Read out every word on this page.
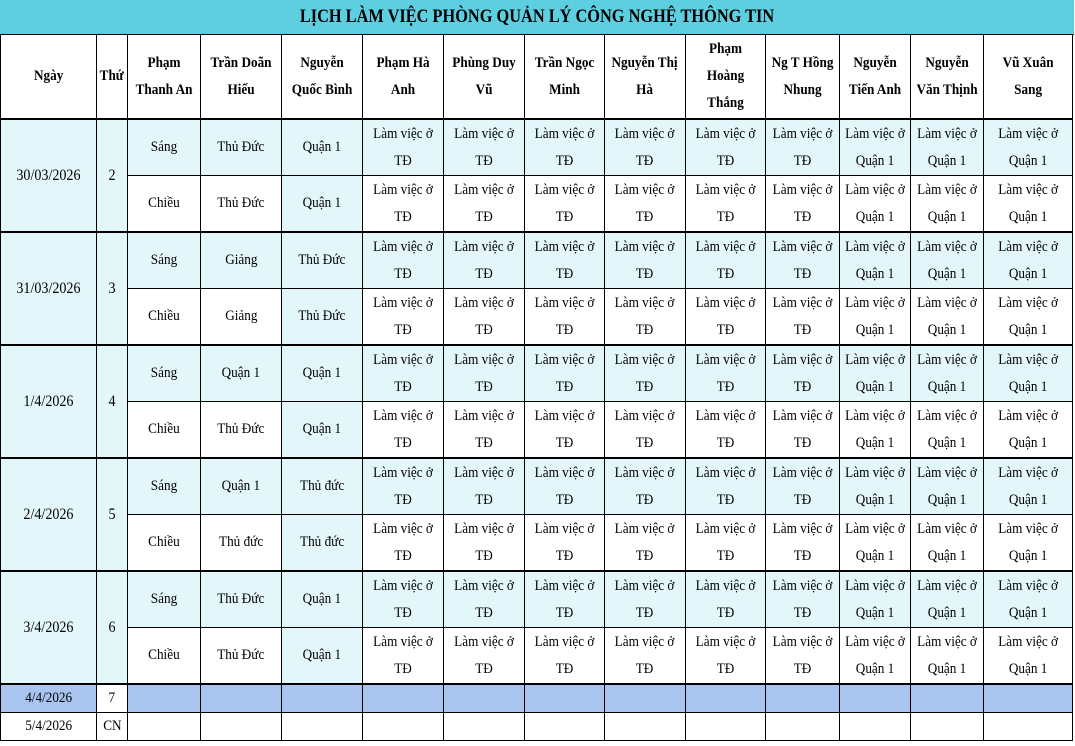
LỊCH LÀM VIỆC PHÒNG QUẢN LÝ CÔNG NGHỆ THÔNG TIN
Ngày	Thứ	Phạm Thanh An	Trần Doãn Hiếu	Nguyễn Quốc Bình	Phạm Hà Anh	Phùng Duy Vũ	Trần Ngọc Minh	Nguyễn Thị Hà	Phạm Hoàng Thắng	Ng T Hồng Nhung	Nguyễn Tiến Anh	Nguyễn Văn Thịnh	Vũ Xuân Sang
30/03/2026	2	Sáng	Thủ Đức	Quận 1	Làm việc ở TĐ	Làm việc ở TĐ	Làm việc ở TĐ	Làm việc ở TĐ	Làm việc ở TĐ	Làm việc ở TĐ	Làm việc ở Quận 1	Làm việc ở Quận 1	Làm việc ở Quận 1
		Chiều	Thủ Đức	Quận 1	Làm việc ở TĐ	Làm việc ở TĐ	Làm việc ở TĐ	Làm việc ở TĐ	Làm việc ở TĐ	Làm việc ở TĐ	Làm việc ở Quận 1	Làm việc ở Quận 1	Làm việc ở Quận 1
31/03/2026	3	Sáng	Giảng	Thủ Đức	Làm việc ở TĐ	Làm việc ở TĐ	Làm việc ở TĐ	Làm việc ở TĐ	Làm việc ở TĐ	Làm việc ở TĐ	Làm việc ở Quận 1	Làm việc ở Quận 1	Làm việc ở Quận 1
		Chiều	Giảng	Thủ Đức	Làm việc ở TĐ	Làm việc ở TĐ	Làm việc ở TĐ	Làm việc ở TĐ	Làm việc ở TĐ	Làm việc ở TĐ	Làm việc ở Quận 1	Làm việc ở Quận 1	Làm việc ở Quận 1
1/4/2026	4	Sáng	Quận 1	Quận 1	Làm việc ở TĐ	Làm việc ở TĐ	Làm việc ở TĐ	Làm việc ở TĐ	Làm việc ở TĐ	Làm việc ở TĐ	Làm việc ở Quận 1	Làm việc ở Quận 1	Làm việc ở Quận 1
		Chiều	Thủ Đức	Quận 1	Làm việc ở TĐ	Làm việc ở TĐ	Làm việc ở TĐ	Làm việc ở TĐ	Làm việc ở TĐ	Làm việc ở TĐ	Làm việc ở Quận 1	Làm việc ở Quận 1	Làm việc ở Quận 1
2/4/2026	5	Sáng	Quận 1	Thủ đức	Làm việc ở TĐ	Làm việc ở TĐ	Làm việc ở TĐ	Làm việc ở TĐ	Làm việc ở TĐ	Làm việc ở TĐ	Làm việc ở Quận 1	Làm việc ở Quận 1	Làm việc ở Quận 1
		Chiều	Thủ đức	Thủ đức	Làm việc ở TĐ	Làm việc ở TĐ	Làm việc ở TĐ	Làm việc ở TĐ	Làm việc ở TĐ	Làm việc ở TĐ	Làm việc ở Quận 1	Làm việc ở Quận 1	Làm việc ở Quận 1
3/4/2026	6	Sáng	Thủ Đức	Quận 1	Làm việc ở TĐ	Làm việc ở TĐ	Làm việc ở TĐ	Làm việc ở TĐ	Làm việc ở TĐ	Làm việc ở TĐ	Làm việc ở Quận 1	Làm việc ở Quận 1	Làm việc ở Quận 1
		Chiều	Thủ Đức	Quận 1	Làm việc ở TĐ	Làm việc ở TĐ	Làm việc ở TĐ	Làm việc ở TĐ	Làm việc ở TĐ	Làm việc ở TĐ	Làm việc ở Quận 1	Làm việc ở Quận 1	Làm việc ở Quận 1
4/4/2026	7												
5/4/2026	CN												
